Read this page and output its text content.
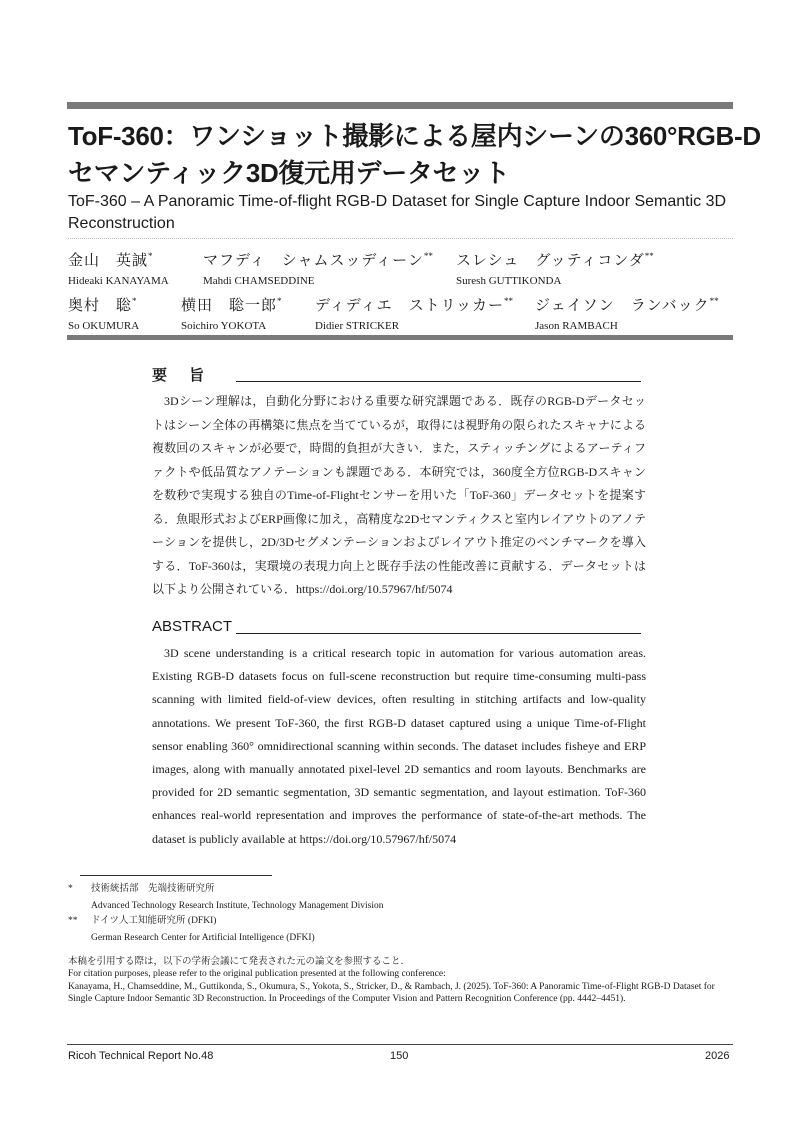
ToF-360：ワンショット撮影による屋内シーンの360°RGB-D
セマンティック3D復元用データセット
ToF-360 – A Panoramic Time-of-flight RGB-D Dataset for Single Capture Indoor Semantic 3D Reconstruction
金山　英誠*
Hideaki KANAYAMA
マフディ　シャムスッディーン**
Mahdi CHAMSEDDINE
スレシュ　グッティコンダ**
Suresh GUTTIKONDA
奥村　聡*
So OKUMURA
横田　聡一郎*
Soichiro YOKOTA
ディディエ　ストリッカー**
Didier STRICKER
ジェイソン　ランバック**
Jason RAMBACH
要旨
3Dシーン理解は，自動化分野における重要な研究課題である．既存のRGB-Dデータセットはシーン全体の再構築に焦点を当てているが，取得には視野角の限られたスキャナによる複数回のスキャンが必要で，時間的負担が大きい．また，スティッチングによるアーティファクトや低品質なアノテーションも課題である．本研究では，360度全方位RGB-Dスキャンを数秒で実現する独自のTime-of-Flightセンサーを用いた「ToF-360」データセットを提案する．魚眼形式およびERP画像に加え，高精度な2Dセマンティクスと室内レイアウトのアノテーションを提供し，2D/3Dセグメンテーションおよびレイアウト推定のベンチマークを導入する．ToF-360は，実環境の表現力向上と既存手法の性能改善に貢献する．データセットは以下より公開されている．https://doi.org/10.57967/hf/5074
ABSTRACT
3D scene understanding is a critical research topic in automation for various automation areas. Existing RGB-D datasets focus on full-scene reconstruction but require time-consuming multi-pass scanning with limited field-of-view devices, often resulting in stitching artifacts and low-quality annotations. We present ToF-360, the first RGB-D dataset captured using a unique Time-of-Flight sensor enabling 360° omnidirectional scanning within seconds. The dataset includes fisheye and ERP images, along with manually annotated pixel-level 2D semantics and room layouts. Benchmarks are provided for 2D semantic segmentation, 3D semantic segmentation, and layout estimation. ToF-360 enhances real-world representation and improves the performance of state-of-the-art methods. The dataset is publicly available at https://doi.org/10.57967/hf/5074
* 技術統括部　先端技術研究所
Advanced Technology Research Institute, Technology Management Division
** ドイツ人工知能研究所 (DFKI)
German Research Center for Artificial Intelligence (DFKI)
本稿を引用する際は，以下の学術会議にて発表された元の論文を参照すること．
For citation purposes, please refer to the original publication presented at the following conference:
Kanayama, H., Chamseddine, M., Guttikonda, S., Okumura, S., Yokota, S., Stricker, D., & Rambach, J. (2025). ToF-360: A Panoramic Time-of-Flight RGB-D Dataset for Single Capture Indoor Semantic 3D Reconstruction. In Proceedings of the Computer Vision and Pattern Recognition Conference (pp. 4442–4451).
Ricoh Technical Report No.48	150	2026
